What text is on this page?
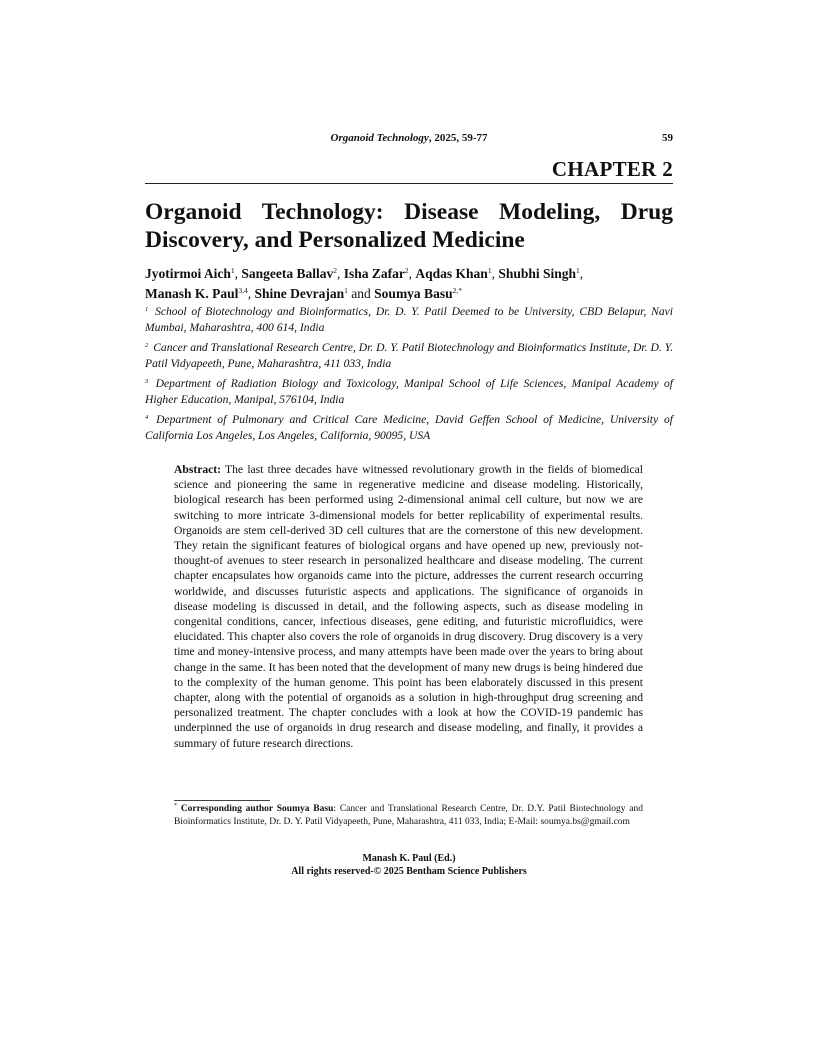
Organoid Technology, 2025, 59-77	59
CHAPTER 2
Organoid Technology: Disease Modeling, Drug Discovery, and Personalized Medicine
Jyotirmoi Aich$^1$, Sangeeta Ballav$^2$, Isha Zafar$^2$, Aqdas Khan$^1$, Shubhi Singh$^1$,
Manash K. Paul$^{3,4}$, Shine Devrajan$^1$ and Soumya Basu$^{2,*}$

$^1$ School of Biotechnology and Bioinformatics, Dr. D. Y. Patil Deemed to be University, CBD Belapur, Navi Mumbai, Maharashtra, 400 614, India

$^2$ Cancer and Translational Research Centre, Dr. D. Y. Patil Biotechnology and Bioinformatics Institute, Dr. D. Y. Patil Vidyapeeth, Pune, Maharashtra, 411 033, India

$^3$ Department of Radiation Biology and Toxicology, Manipal School of Life Sciences, Manipal Academy of Higher Education, Manipal, 576104, India

$^4$ Department of Pulmonary and Critical Care Medicine, David Geffen School of Medicine, University of California Los Angeles, Los Angeles, California, 90095, USA

Abstract: The last three decades have witnessed revolutionary growth in the fields of biomedical science and pioneering the same in regenerative medicine and disease modeling. Historically, biological research has been performed using 2-dimensional animal cell culture, but now we are switching to more intricate 3-dimensional models for better replicability of experimental results. Organoids are stem cell-derived 3D cell cultures that are the cornerstone of this new development. They retain the significant features of biological organs and have opened up new, previously not-thought-of avenues to steer research in personalized healthcare and disease modeling. The current chapter encapsulates how organoids came into the picture, addresses the current research occurring worldwide, and discusses futuristic aspects and applications. The significance of organoids in disease modeling is discussed in detail, and the following aspects, such as disease modeling in congenital conditions, cancer, infectious diseases, gene editing, and futuristic microfluidics, were elucidated. This chapter also covers the role of organoids in drug discovery. Drug discovery is a very time and money-intensive process, and many attempts have been made over the years to bring about change in the same. It has been noted that the development of many new drugs is being hindered due to the complexity of the human genome. This point has been elaborately discussed in this present chapter, along with the potential of organoids as a solution in high-throughput drug screening and personalized treatment. The chapter concludes with a look at how the COVID-19 pandemic has underpinned the use of organoids in drug research and disease modeling, and finally, it provides a summary of future research directions.

* Corresponding author Soumya Basu: Cancer and Translational Research Centre, Dr. D.Y. Patil Biotechnology and Bioinformatics Institute, Dr. D. Y. Patil Vidyapeeth, Pune, Maharashtra, 411 033, India; E-Mail: soumya.bs@gmail.com

Manash K. Paul (Ed.)
All rights reserved-© 2025 Bentham Science Publishers
